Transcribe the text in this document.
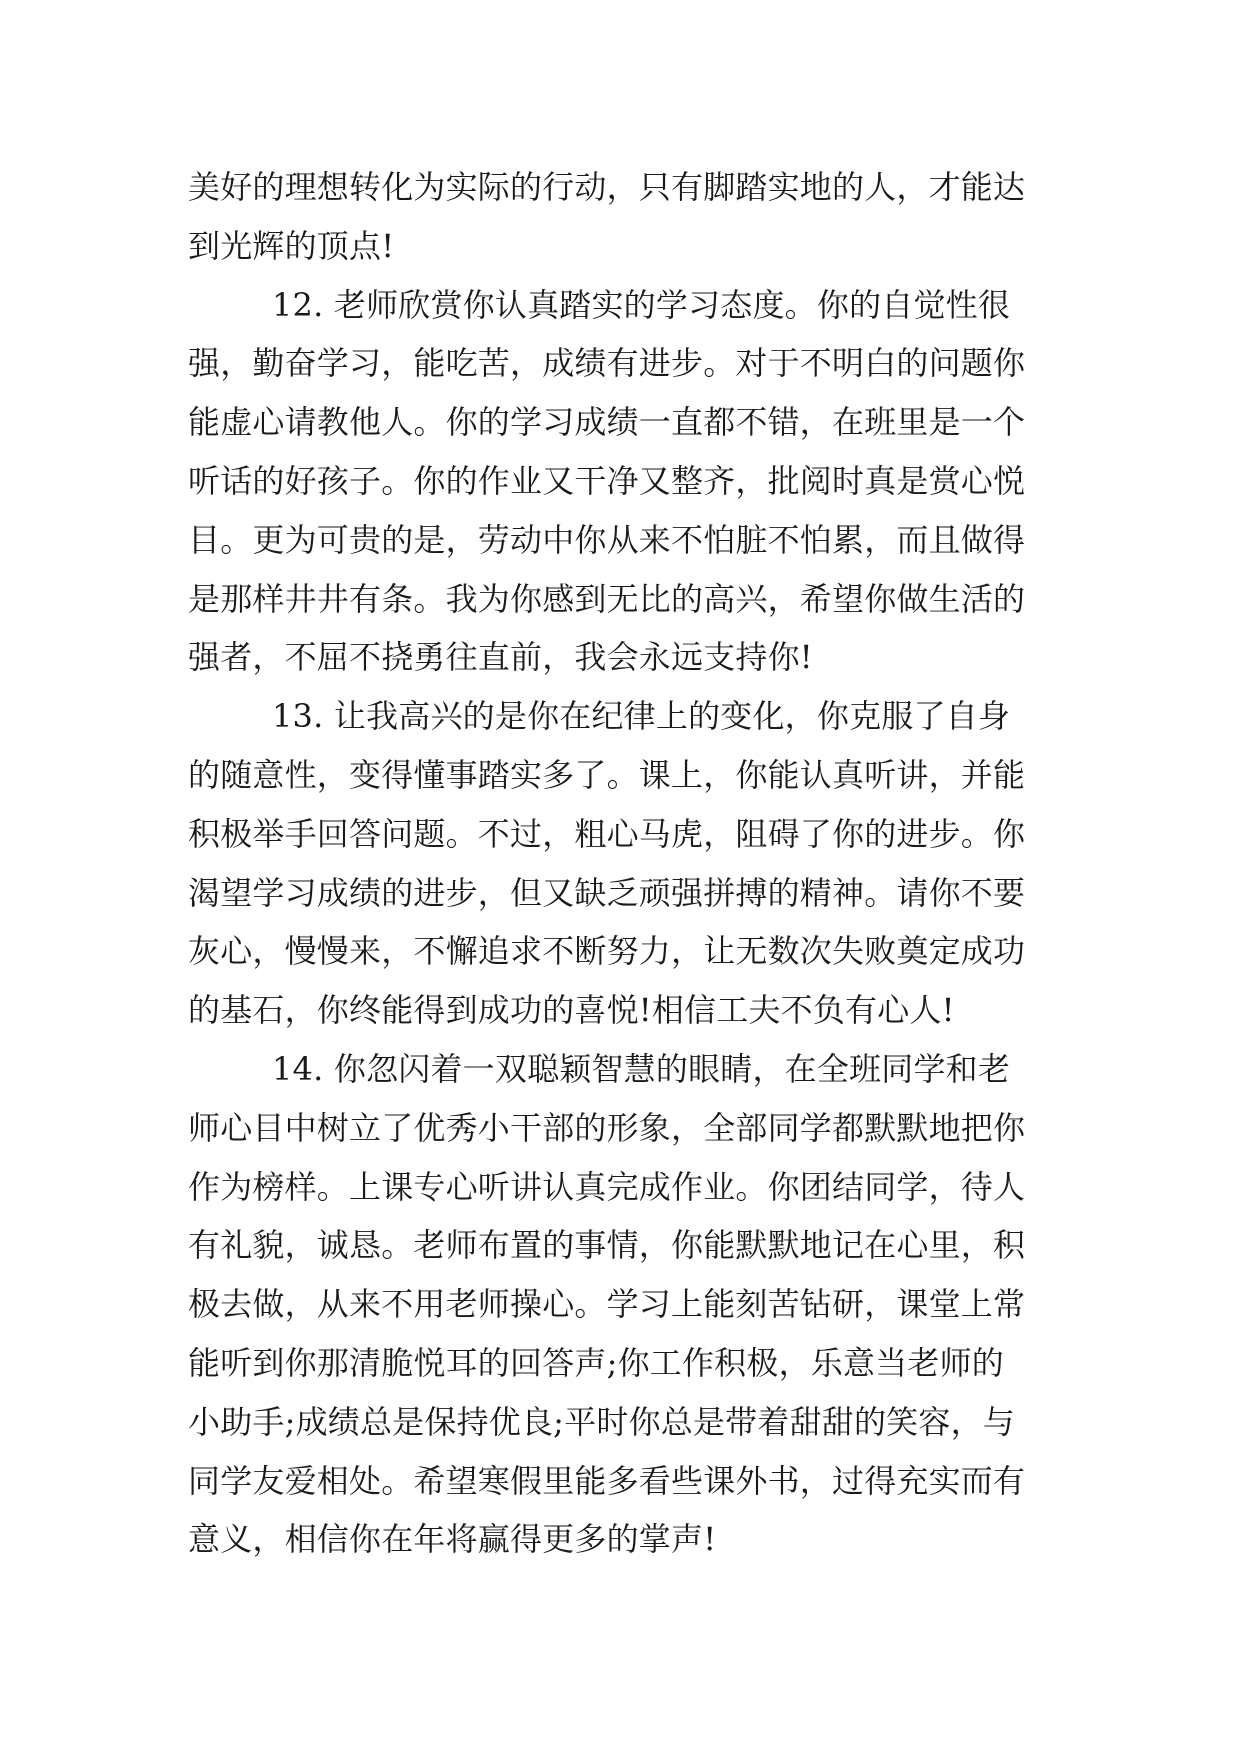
美好的理想转化为实际的行动，只有脚踏实地的人，才能达
到光辉的顶点!
12. 老师欣赏你认真踏实的学习态度。你的自觉性很
强，勤奋学习，能吃苦，成绩有进步。对于不明白的问题你
能虚心请教他人。你的学习成绩一直都不错，在班里是一个
听话的好孩子。你的作业又干净又整齐，批阅时真是赏心悦
目。更为可贵的是，劳动中你从来不怕脏不怕累，而且做得
是那样井井有条。我为你感到无比的高兴，希望你做生活的
强者，不屈不挠勇往直前，我会永远支持你!
13. 让我高兴的是你在纪律上的变化，你克服了自身
的随意性，变得懂事踏实多了。课上，你能认真听讲，并能
积极举手回答问题。不过，粗心马虎，阻碍了你的进步。你
渴望学习成绩的进步，但又缺乏顽强拼搏的精神。请你不要
灰心，慢慢来，不懈追求不断努力，让无数次失败奠定成功
的基石，你终能得到成功的喜悦!相信工夫不负有心人!
14. 你忽闪着一双聪颖智慧的眼睛，在全班同学和老
师心目中树立了优秀小干部的形象，全部同学都默默地把你
作为榜样。上课专心听讲认真完成作业。你团结同学，待人
有礼貌，诚恳。老师布置的事情，你能默默地记在心里，积
极去做，从来不用老师操心。学习上能刻苦钻研，课堂上常
能听到你那清脆悦耳的回答声;你工作积极，乐意当老师的
小助手;成绩总是保持优良;平时你总是带着甜甜的笑容，与
同学友爱相处。希望寒假里能多看些课外书，过得充实而有
意义，相信你在年将赢得更多的掌声!
